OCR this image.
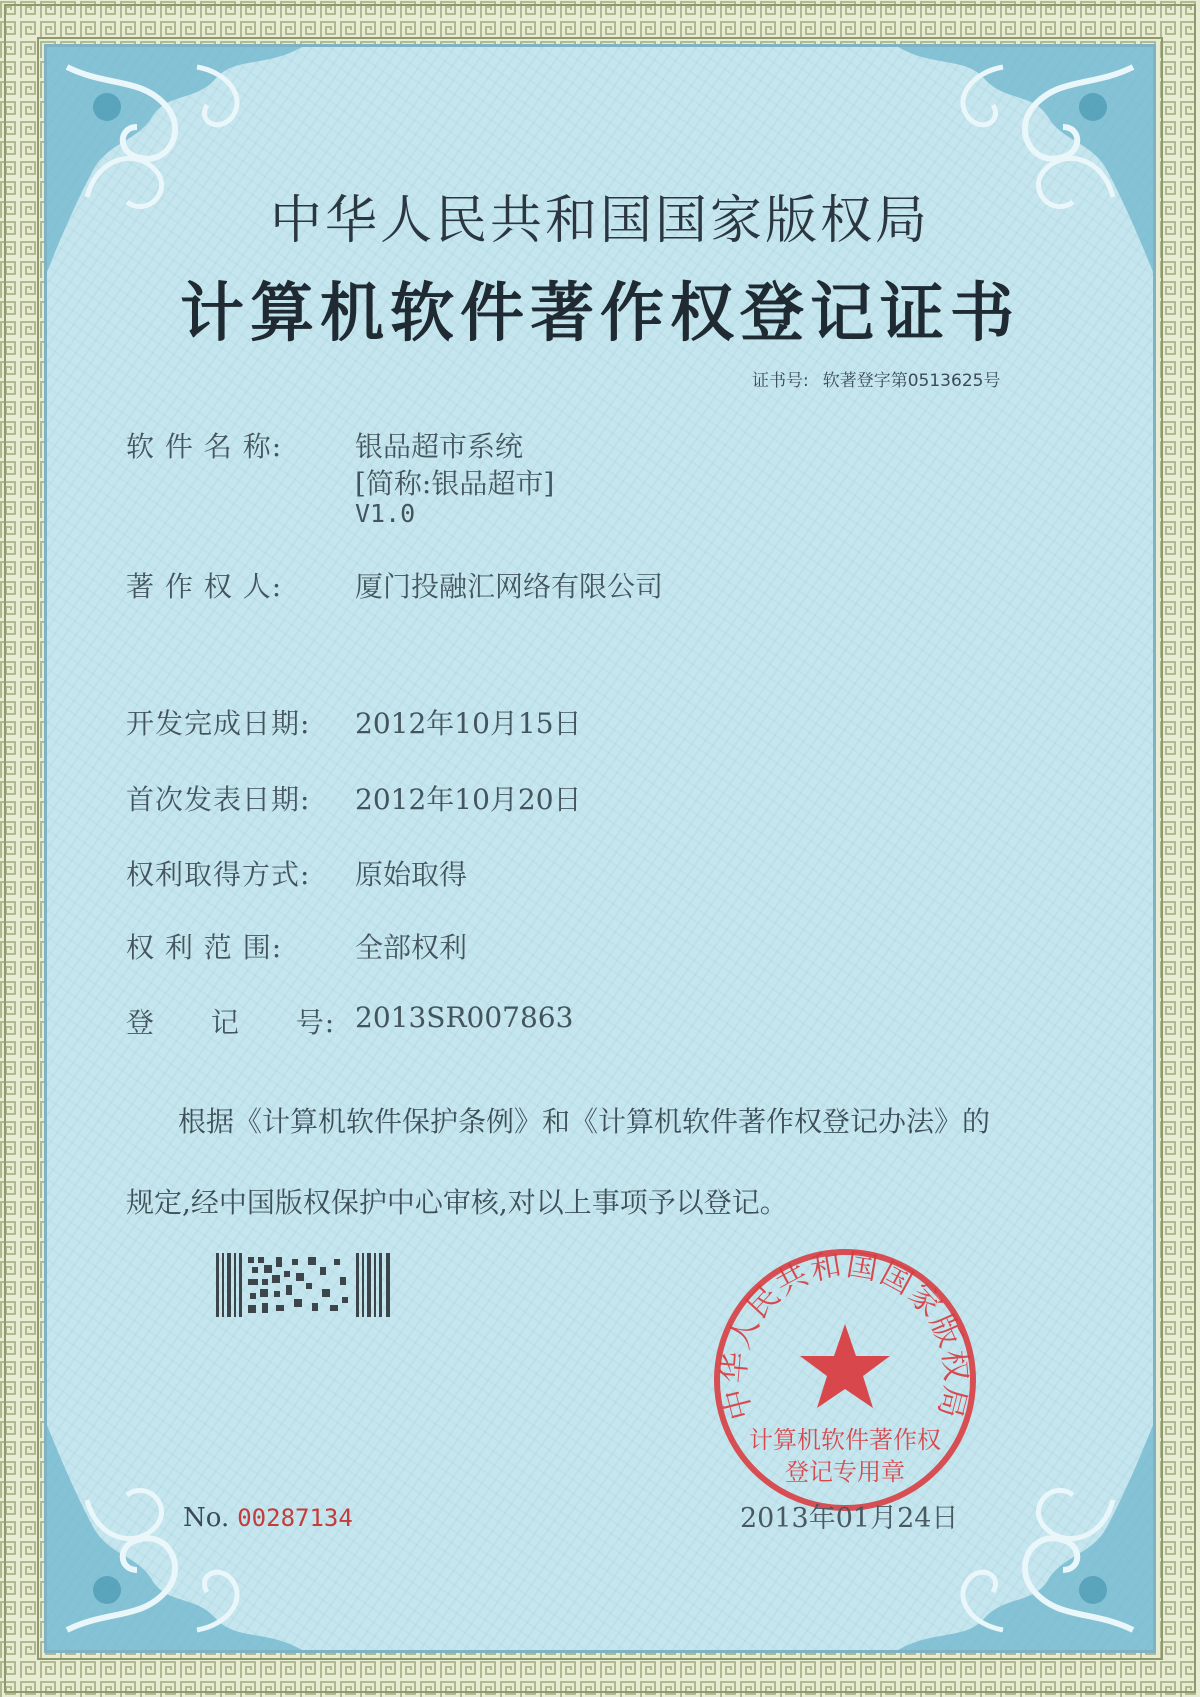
中华人民共和国国家版权局
计算机软件著作权登记证书
证书号: 软著登字第0513625号
软 件 名 称:	银品超市系统
[简称:银品超市]
V1.0
著 作 权 人:	厦门投融汇网络有限公司
开发完成日期: 2012年10月15日
首次发表日期: 2012年10月20日
权利取得方式: 原始取得
权 利 范 围:	全部权利
登 记 号: 2013SR007863
根据《计算机软件保护条例》和《计算机软件著作权登记办法》的
规定,经中国版权保护中心审核,对以上事项予以登记。
No. 00287134
中华人民共和国国家版权局
计算机软件著作权
登记专用章
2013年01月24日
